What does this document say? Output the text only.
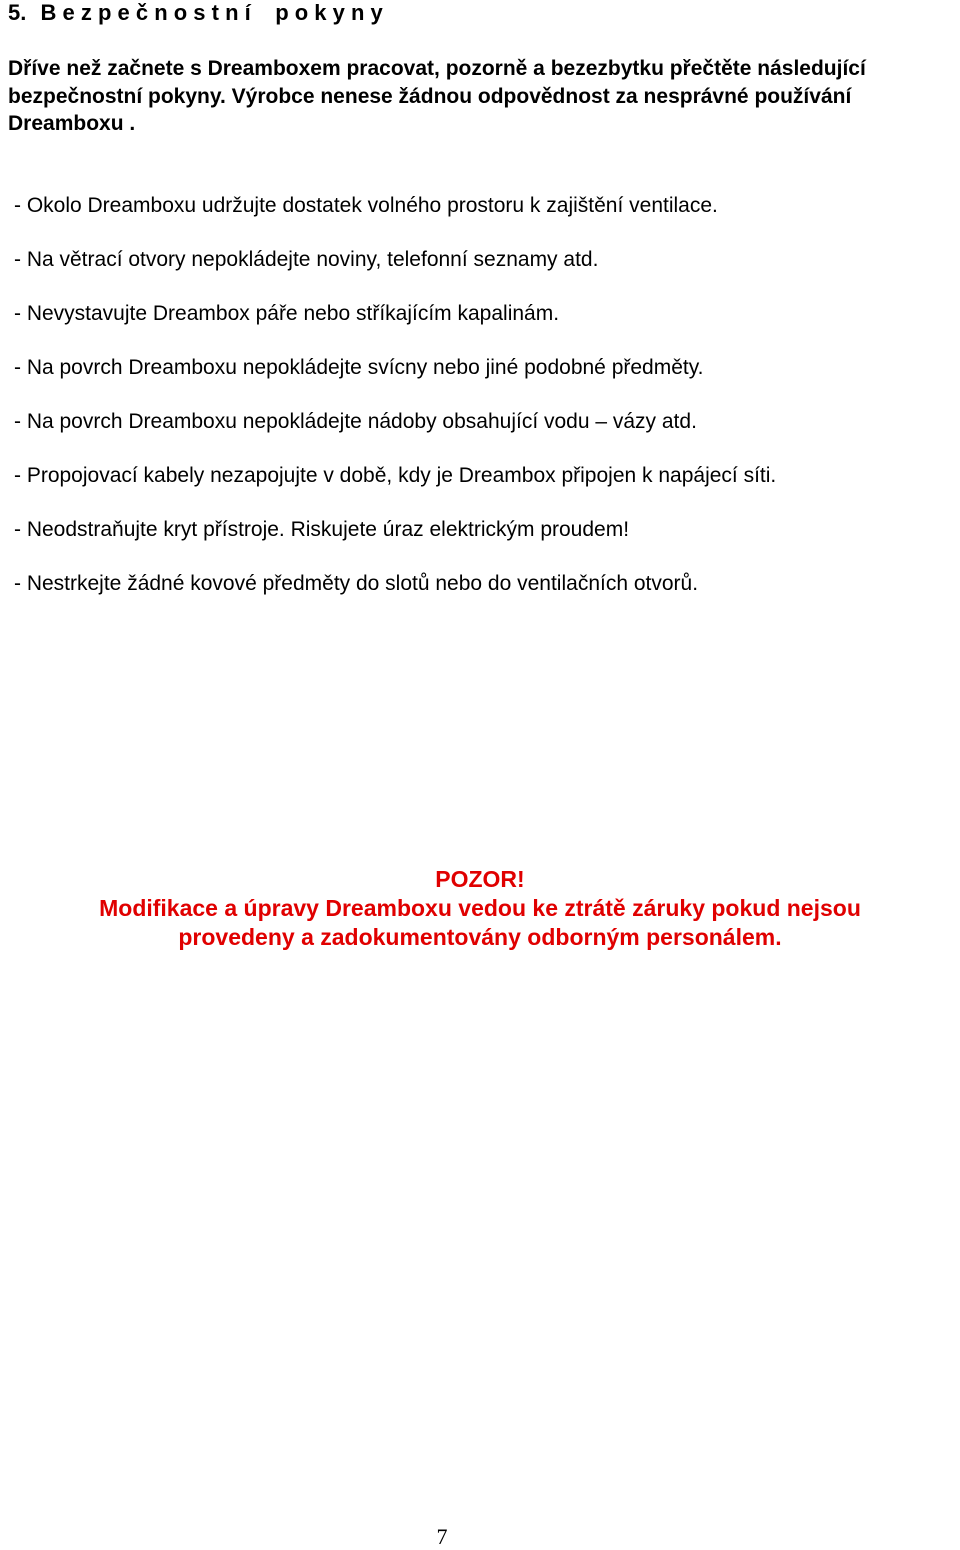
5. B e z p e č n o s t n í    p o k y n y
Dříve než začnete s Dreamboxem pracovat, pozorně a bezezbytku přečtěte následující bezpečnostní pokyny. Výrobce nenese žádnou odpovědnost za nesprávné používání Dreamboxu .
- Okolo Dreamboxu udržujte dostatek volného prostoru k zajištění ventilace.
- Na větrací otvory nepokládejte noviny, telefonní seznamy atd.
- Nevystavujte Dreambox páře nebo stříkajícím kapalinám.
- Na povrch Dreamboxu nepokládejte svícny nebo jiné podobné předměty.
- Na povrch Dreamboxu nepokládejte nádoby obsahující vodu – vázy atd.
- Propojovací kabely nezapojujte v době, kdy je Dreambox připojen k napájecí síti.
- Neodstraňujte kryt přístroje. Riskujete úraz elektrickým proudem!
- Nestrkejte žádné kovové předměty do slotů nebo do ventilačních otvorů.
POZOR!
Modifikace a úpravy Dreamboxu vedou ke ztrátě záruky pokud nejsou
provedeny a zadokumentovány odborným personálem.
7
